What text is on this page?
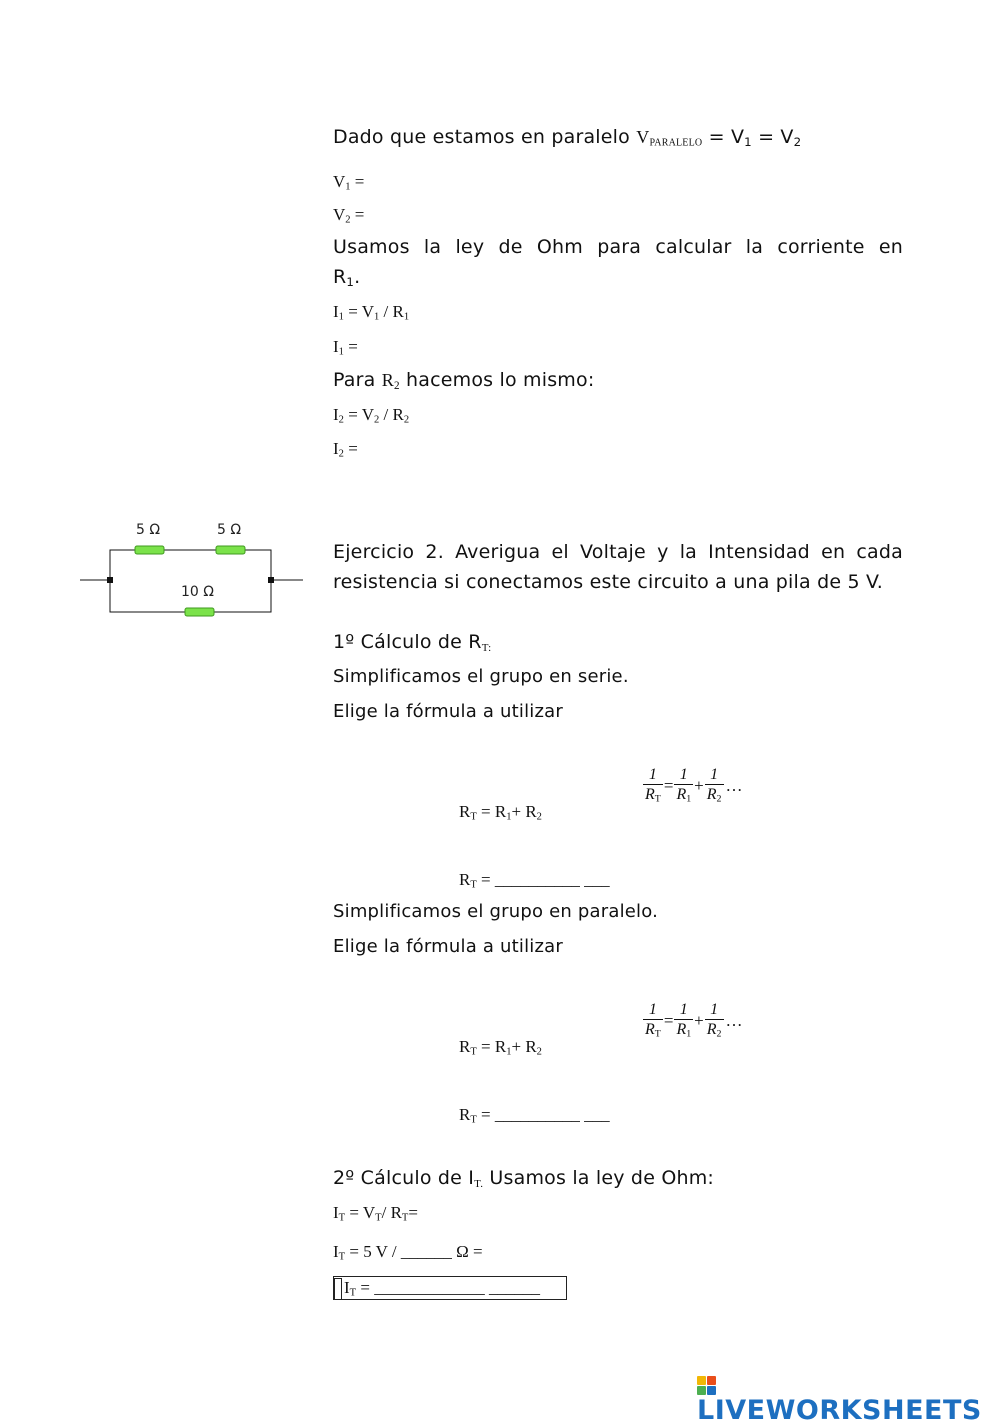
Dado que estamos en paralelo $V_{PARALELO} = V_1 = V_2$
$V_1$ =
$V_2$ =
Usamos la ley de Ohm para calcular la corriente en
$R_1$.
$I_1 = V_1 / R_1$
$I_1$ =
Para $R_2$ hacemos lo mismo:
$I_2 = V_2 / R_2$
$I_2$ =
5 Ω	5 Ω
10 Ω
Ejercicio 2. Averigua el Voltaje y la Intensidad en cada resistencia si conectamos este circuito a una pila de 5 V.
1º Cálculo de $R_{T:}$
Simplificamos el grupo en serie.
Elige la fórmula a utilizar
$R_T = R_1+ R_2$
$\frac{1}{R_T} = \frac{1}{R_1} + \frac{1}{R_2}$ …
$R_T$ = __________ ___
Simplificamos el grupo en paralelo.
Elige la fórmula a utilizar
$R_T = R_1+ R_2$
$\frac{1}{R_T} = \frac{1}{R_1} + \frac{1}{R_2}$ …
$R_T$ = __________ ___
2º Cálculo de $I_{T.}$ Usamos la ley de Ohm:
$I_T = V_T/$ $R_T=$
$I_T = 5$ V / ______ Ω =
$I_T$ = _____________ ______
LIVEWORKSHEETS
